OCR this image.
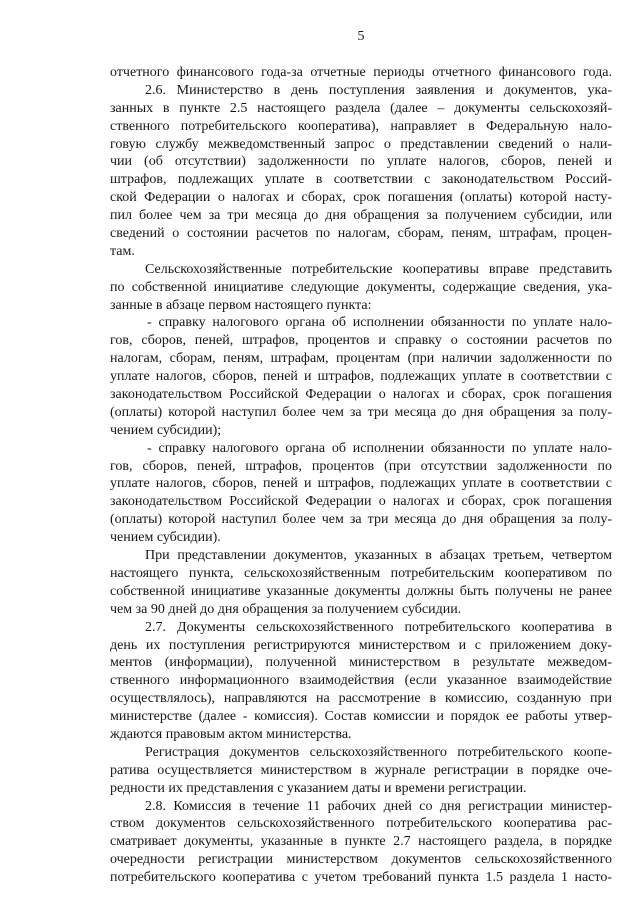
5
отчетного финансового года-за отчетные периоды отчетного финансового года.
2.6. Министерство в день поступления заявления и документов, ука-
занных в пункте 2.5 настоящего раздела (далее – документы сельскохозяй-
ственного потребительского кооператива), направляет в Федеральную нало-
говую службу межведомственный запрос о представлении сведений о нали-
чии (об отсутствии) задолженности по уплате налогов, сборов, пеней и
штрафов, подлежащих уплате в соответствии с законодательством Россий-
ской Федерации о налогах и сборах, срок погашения (оплаты) которой насту-
пил более чем за три месяца до дня обращения за получением субсидии, или
сведений о состоянии расчетов по налогам, сборам, пеням, штрафам, процен-
там.
Сельскохозяйственные потребительские кооперативы вправе представить
по собственной инициативе следующие документы, содержащие сведения, ука-
занные в абзаце первом настоящего пункта:
- справку налогового органа об исполнении обязанности по уплате нало-
гов, сборов, пеней, штрафов, процентов и справку о состоянии расчетов по
налогам, сборам, пеням, штрафам, процентам (при наличии задолженности по
уплате налогов, сборов, пеней и штрафов, подлежащих уплате в соответствии с
законодательством Российской Федерации о налогах и сборах, срок погашения
(оплаты) которой наступил более чем за три месяца до дня обращения за полу-
чением субсидии);
- справку налогового органа об исполнении обязанности по уплате нало-
гов, сборов, пеней, штрафов, процентов (при отсутствии задолженности по
уплате налогов, сборов, пеней и штрафов, подлежащих уплате в соответствии с
законодательством Российской Федерации о налогах и сборах, срок погашения
(оплаты) которой наступил более чем за три месяца до дня обращения за полу-
чением субсидии).
При представлении документов, указанных в абзацах третьем, четвертом
настоящего пункта, сельскохозяйственным потребительским кооперативом по
собственной инициативе указанные документы должны быть получены не ранее
чем за 90 дней до дня обращения за получением субсидии.
2.7. Документы сельскохозяйственного потребительского кооператива в
день их поступления регистрируются министерством и с приложением доку-
ментов (информации), полученной министерством в результате межведом-
ственного информационного взаимодействия (если указанное взаимодействие
осуществлялось), направляются на рассмотрение в комиссию, созданную при
министерстве (далее - комиссия). Состав комиссии и порядок ее работы утвер-
ждаются правовым актом министерства.
Регистрация документов сельскохозяйственного потребительского коопе-
ратива осуществляется министерством в журнале регистрации в порядке оче-
редности их представления с указанием даты и времени регистрации.
2.8. Комиссия в течение 11 рабочих дней со дня регистрации министер-
ством документов сельскохозяйственного потребительского кооператива рас-
сматривает документы, указанные в пункте 2.7 настоящего раздела, в порядке
очередности регистрации министерством документов сельскохозяйственного
потребительского кооператива с учетом требований пункта 1.5 раздела 1 насто-
